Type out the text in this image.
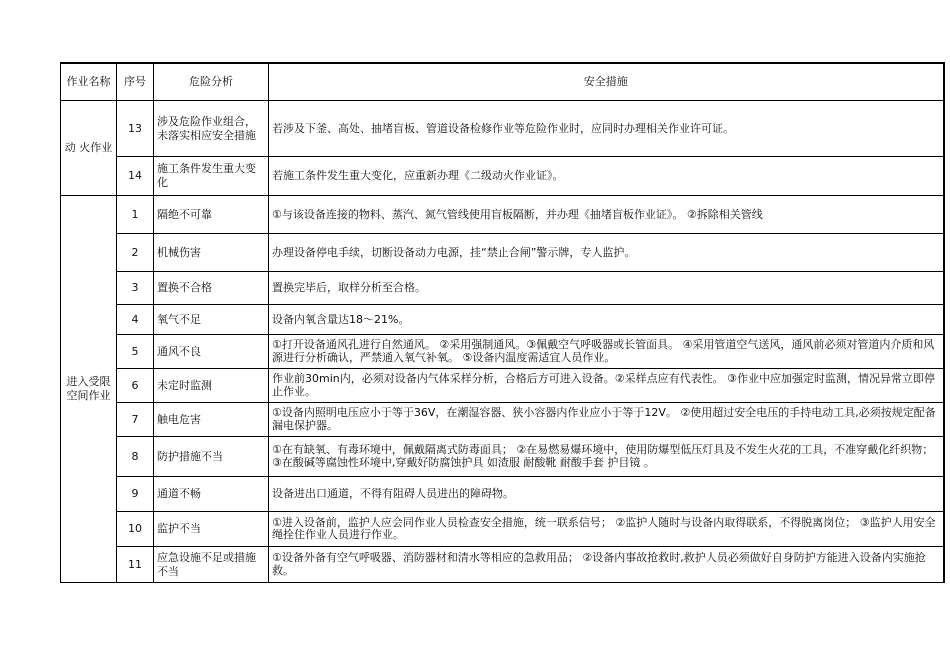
作业名称	序号	危险分析	安全措施
动 火作业	13	涉及危险作业组合，未落实相应安全措施	若涉及下釜、高处、抽堵盲板、管道设备检修作业等危险作业时，应同时办理相关作业许可证。
	14	施工条件发生重大变化	若施工条件发生重大变化，应重新办理《二级动火作业证》。
进入受限空间作业	1	隔绝不可靠	①与该设备连接的物料、蒸汽、氮气管线使用盲板隔断，并办理《抽堵盲板作业证》。 ②拆除相关管线
	2	机械伤害	办理设备停电手续，切断设备动力电源，挂“禁止合闸”警示牌，专人监护。
	3	置换不合格	置换完毕后，取样分析至合格。
	4	氧气不足	设备内氧含量达18～21%。
	5	通风不良	①打开设备通风孔进行自然通风。 ②采用强制通风。③佩戴空气呼吸器或长管面具。 ④采用管道空气送风，通风前必须对管道内介质和风源进行分析确认，严禁通入氧气补氧。 ⑤设备内温度需适宜人员作业。
	6	未定时监测	作业前30min内，必须对设备内气体采样分析，合格后方可进入设备。②采样点应有代表性。 ③作业中应加强定时监测，情况异常立即停止作业。
	7	触电危害	①设备内照明电压应小于等于36V，在潮湿容器、狭小容器内作业应小于等于12V。 ②使用超过安全电压的手持电动工具,必须按规定配备漏电保护器。
	8	防护措施不当	①在有缺氧、有毒环境中，佩戴隔离式防毒面具； ②在易燃易爆环境中，使用防爆型低压灯具及不发生火花的工具，不准穿戴化纤织物； ③在酸碱等腐蚀性环境中,穿戴好防腐蚀护具 如渣服 耐酸靴 耐酸手套 护目镜 。
	9	通道不畅	设备进出口通道，不得有阻碍人员进出的障碍物。
	10	监护不当	①进入设备前，监护人应会同作业人员检查安全措施，统一联系信号； ②监护人随时与设备内取得联系，不得脱离岗位； ③监护人用安全绳拴住作业人员进行作业。
	11	应急设施不足或措施不当	①设备外备有空气呼吸器、消防器材和清水等相应的急救用品； ②设备内事故抢救时,救护人员必须做好自身防护方能进入设备内实施抢救。
